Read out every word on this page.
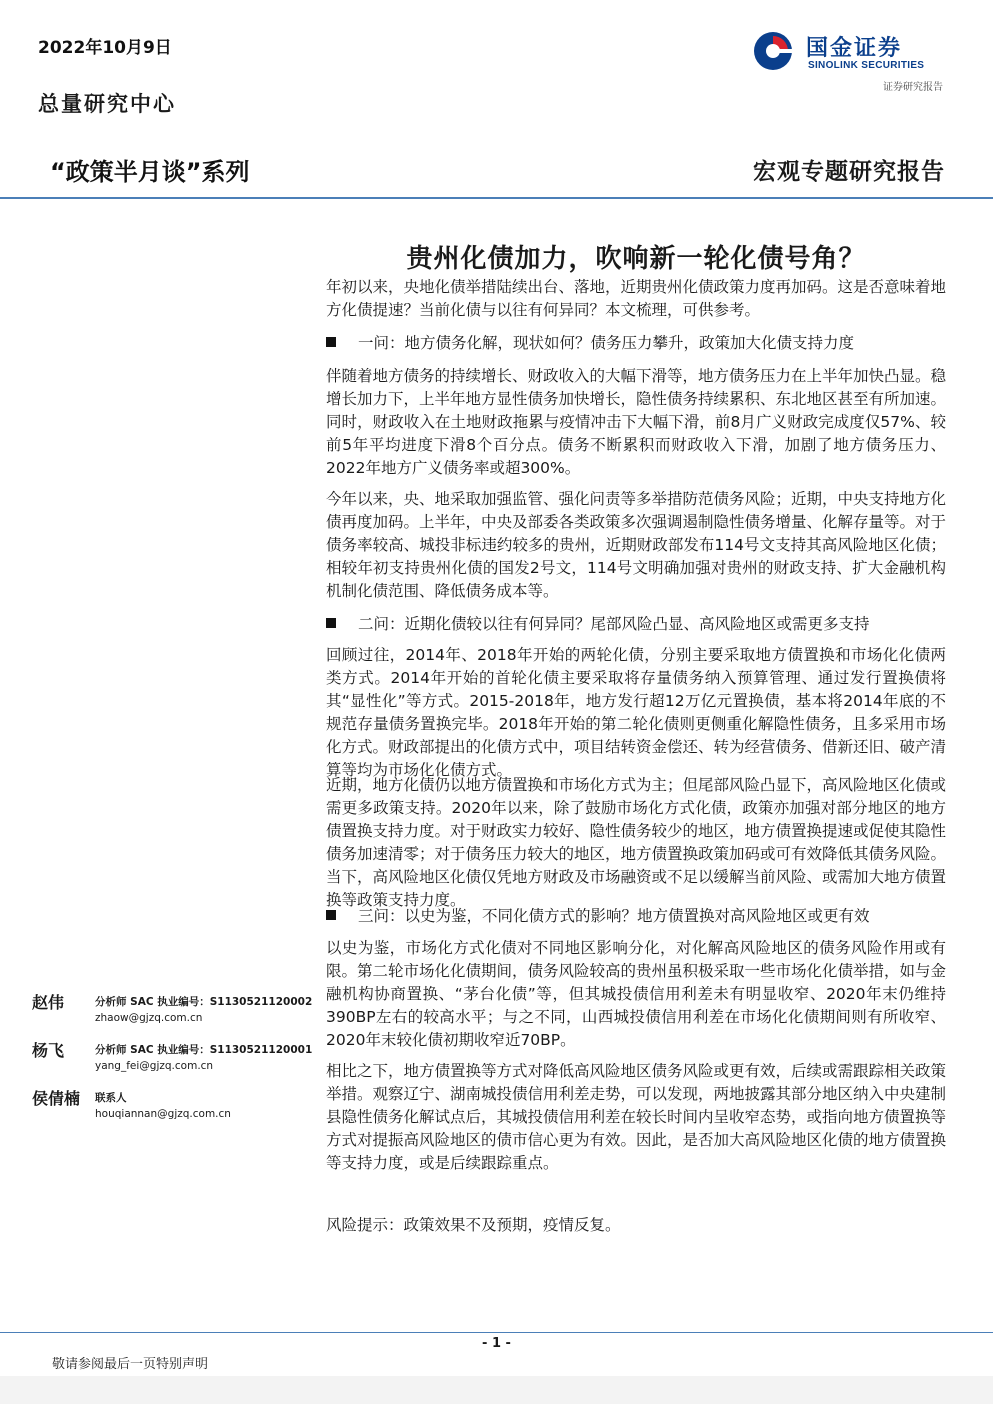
2022年10月9日
总量研究中心
“政策半月谈”系列	宏观专题研究报告
国金证券
SINOLINK SECURITIES
证券研究报告
贵州化债加力，吹响新一轮化债号角？

年初以来，央地化债举措陆续出台、落地，近期贵州化债政策力度再加码。这是否意味着地方化债提速？当前化债与以往有何异同？本文梳理，可供参考。

一问：地方债务化解，现状如何？债务压力攀升，政策加大化债支持力度

伴随着地方债务的持续增长、财政收入的大幅下滑等，地方债务压力在上半年加快凸显。稳增长加力下，上半年地方显性债务加快增长，隐性债务持续累积、东北地区甚至有所加速。同时，财政收入在土地财政拖累与疫情冲击下大幅下滑，前8月广义财政完成度仅57%、较前5年平均进度下滑8个百分点。债务不断累积而财政收入下滑，加剧了地方债务压力、2022年地方广义债务率或超300%。

今年以来，央、地采取加强监管、强化问责等多举措防范债务风险；近期，中央支持地方化债再度加码。上半年，中央及部委各类政策多次强调遏制隐性债务增量、化解存量等。对于债务率较高、城投非标违约较多的贵州，近期财政部发布114号文支持其高风险地区化债；相较年初支持贵州化债的国发2号文，114号文明确加强对贵州的财政支持、扩大金融机构机制化债范围、降低债务成本等。

二问：近期化债较以往有何异同？尾部风险凸显、高风险地区或需更多支持

回顾过往，2014年、2018年开始的两轮化债，分别主要采取地方债置换和市场化化债两类方式。2014年开始的首轮化债主要采取将存量债务纳入预算管理、通过发行置换债将其“显性化”等方式。2015-2018年，地方发行超12万亿元置换债，基本将2014年底的不规范存量债务置换完毕。2018年开始的第二轮化债则更侧重化解隐性债务，且多采用市场化方式。财政部提出的化债方式中，项目结转资金偿还、转为经营债务、借新还旧、破产清算等均为市场化化债方式。

近期，地方化债仍以地方债置换和市场化方式为主；但尾部风险凸显下，高风险地区化债或需更多政策支持。2020年以来，除了鼓励市场化方式化债，政策亦加强对部分地区的地方债置换支持力度。对于财政实力较好、隐性债务较少的地区，地方债置换提速或促使其隐性债务加速清零；对于债务压力较大的地区，地方债置换政策加码或可有效降低其债务风险。当下，高风险地区化债仅凭地方财政及市场融资或不足以缓解当前风险、或需加大地方债置换等政策支持力度。

三问：以史为鉴，不同化债方式的影响？地方债置换对高风险地区或更有效

以史为鉴，市场化方式化债对不同地区影响分化，对化解高风险地区的债务风险作用或有限。第二轮市场化化债期间，债务风险较高的贵州虽积极采取一些市场化化债举措，如与金融机构协商置换、“茅台化债”等，但其城投债信用利差未有明显收窄、2020年末仍维持390BP左右的较高水平；与之不同，山西城投债信用利差在市场化化债期间则有所收窄、2020年末较化债初期收窄近70BP。

相比之下，地方债置换等方式对降低高风险地区债务风险或更有效，后续或需跟踪相关政策举措。观察辽宁、湖南城投债信用利差走势，可以发现，两地披露其部分地区纳入中央建制县隐性债务化解试点后，其城投债信用利差在较长时间内呈收窄态势，或指向地方债置换等方式对提振高风险地区的债市信心更为有效。因此，是否加大高风险地区化债的地方债置换等支持力度，或是后续跟踪重点。

风险提示：政策效果不及预期，疫情反复。

赵伟	分析师 SAC 执业编号：S1130521120002
zhaow@gjzq.com.cn
杨飞	分析师 SAC 执业编号：S1130521120001
yang_fei@gjzq.com.cn
侯倩楠 联系人
houqiannan@gjzq.com.cn
- 1 -
敬请参阅最后一页特别声明
